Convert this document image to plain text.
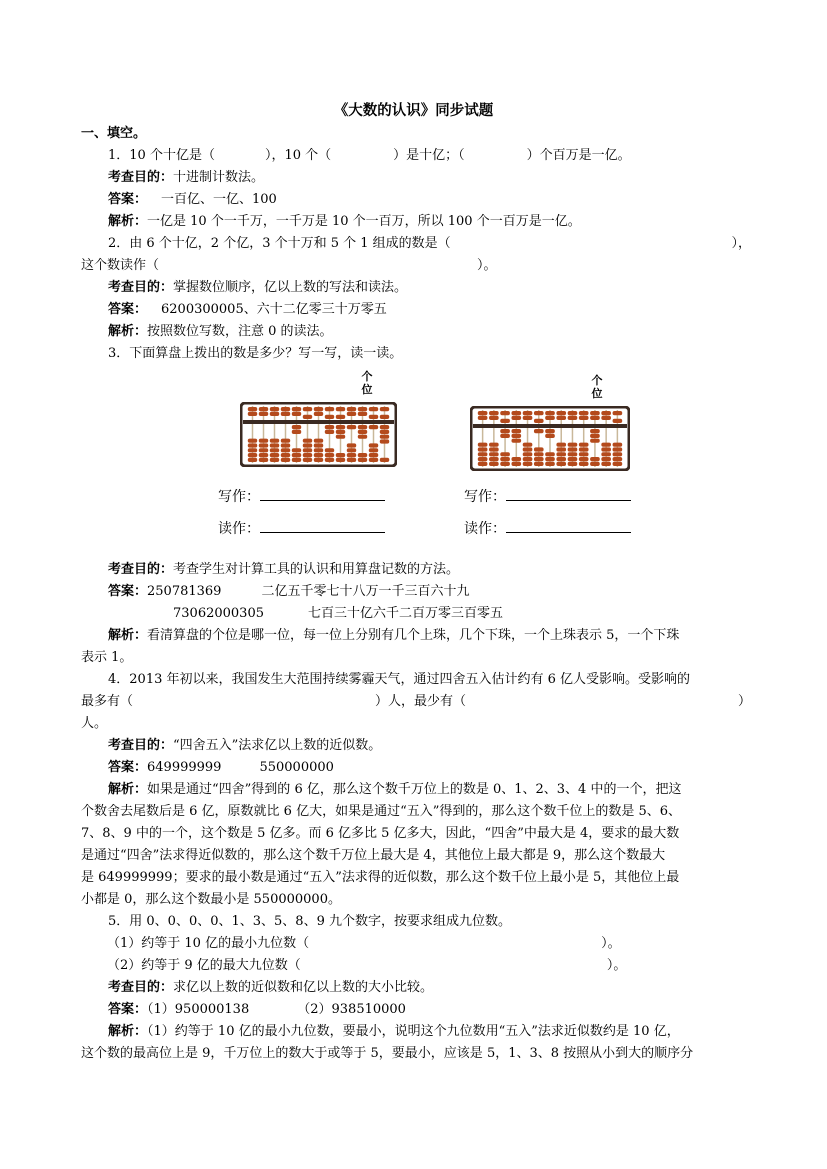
《大数的认识》同步试题
一、填空。
1．10 个十亿是（	），10 个（	）是十亿；（	）个百万是一亿。
考查目的：十进制计数法。
答案： 一百亿、一亿、100
解析：一亿是 10 个一千万，一千万是 10 个一百万，所以 100 个一百万是一亿。
2．由 6 个十亿，2 个亿，3 个十万和 5 个 1 组成的数是（	），
这个数读作（	）。
考查目的：掌握数位顺序，亿以上数的写法和读法。
答案： 6200300005、六十二亿零三十万零五
解析：按照数位写数，注意 0 的读法。
3．下面算盘上拨出的数是多少？写一写，读一读。
个
位
个
位
写作：	写作：
读作：	读作：
考查目的：考查学生对计算工具的认识和用算盘记数的方法。
答案：250781369	二亿五千零七十八万一千三百六十九
73062000305	七百三十亿六千二百万零三百零五
解析：看清算盘的个位是哪一位，每一位上分别有几个上珠，几个下珠，一个上珠表示 5，一个下珠
表示 1。
4．2013 年初以来，我国发生大范围持续雾霾天气，通过四舍五入估计约有 6 亿人受影响。受影响的
最多有（	）人，最少有（	）
人。
考查目的：“四舍五入”法求亿以上数的近似数。
答案：649999999	550000000
解析：如果是通过“四舍”得到的 6 亿，那么这个数千万位上的数是 0、1、2、3、4 中的一个，把这
个数舍去尾数后是 6 亿，原数就比 6 亿大，如果是通过“五入”得到的，那么这个数千位上的数是 5、6、
7、8、9 中的一个，这个数是 5 亿多。而 6 亿多比 5 亿多大，因此，“四舍”中最大是 4，要求的最大数
是通过“四舍”法求得近似数的，那么这个数千万位上最大是 4，其他位上最大都是 9，那么这个数最大
是 649999999；要求的最小数是通过“五入”法求得的近似数，那么这个数千位上最小是 5，其他位上最
小都是 0，那么这个数最小是 550000000。
5．用 0、0、0、0、1、3、5、8、9 九个数字，按要求组成九位数。
（1）约等于 10 亿的最小九位数（	）。
（2）约等于 9 亿的最大九位数（	）。
考查目的：求亿以上数的近似数和亿以上数的大小比较。
答案：（1）950000138	（2）938510000
解析：（1）约等于 10 亿的最小九位数，要最小，说明这个九位数用“五入”法求近似数约是 10 亿，
这个数的最高位上是 9，千万位上的数大于或等于 5，要最小，应该是 5，1、3、8 按照从小到大的顺序分
